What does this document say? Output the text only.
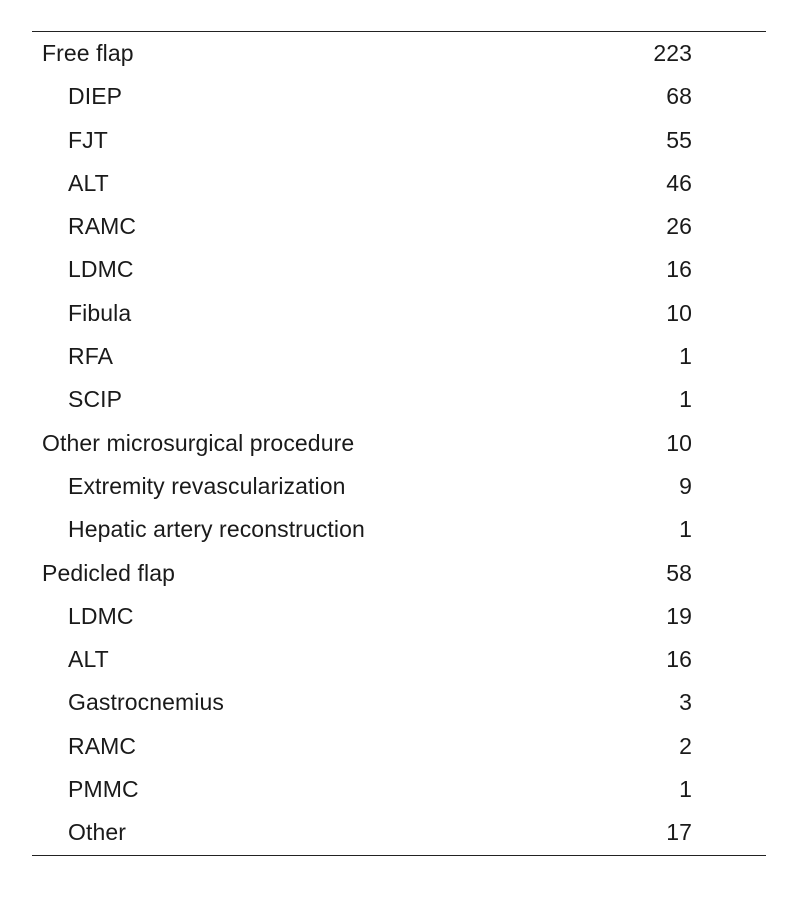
Free flap	223
DIEP	68
FJT	55
ALT	46
RAMC	26
LDMC	16
Fibula	10
RFA	1
SCIP	1
Other microsurgical procedure	10
Extremity revascularization	9
Hepatic artery reconstruction	1
Pedicled flap	58
LDMC	19
ALT	16
Gastrocnemius	3
RAMC	2
PMMC	1
Other	17
